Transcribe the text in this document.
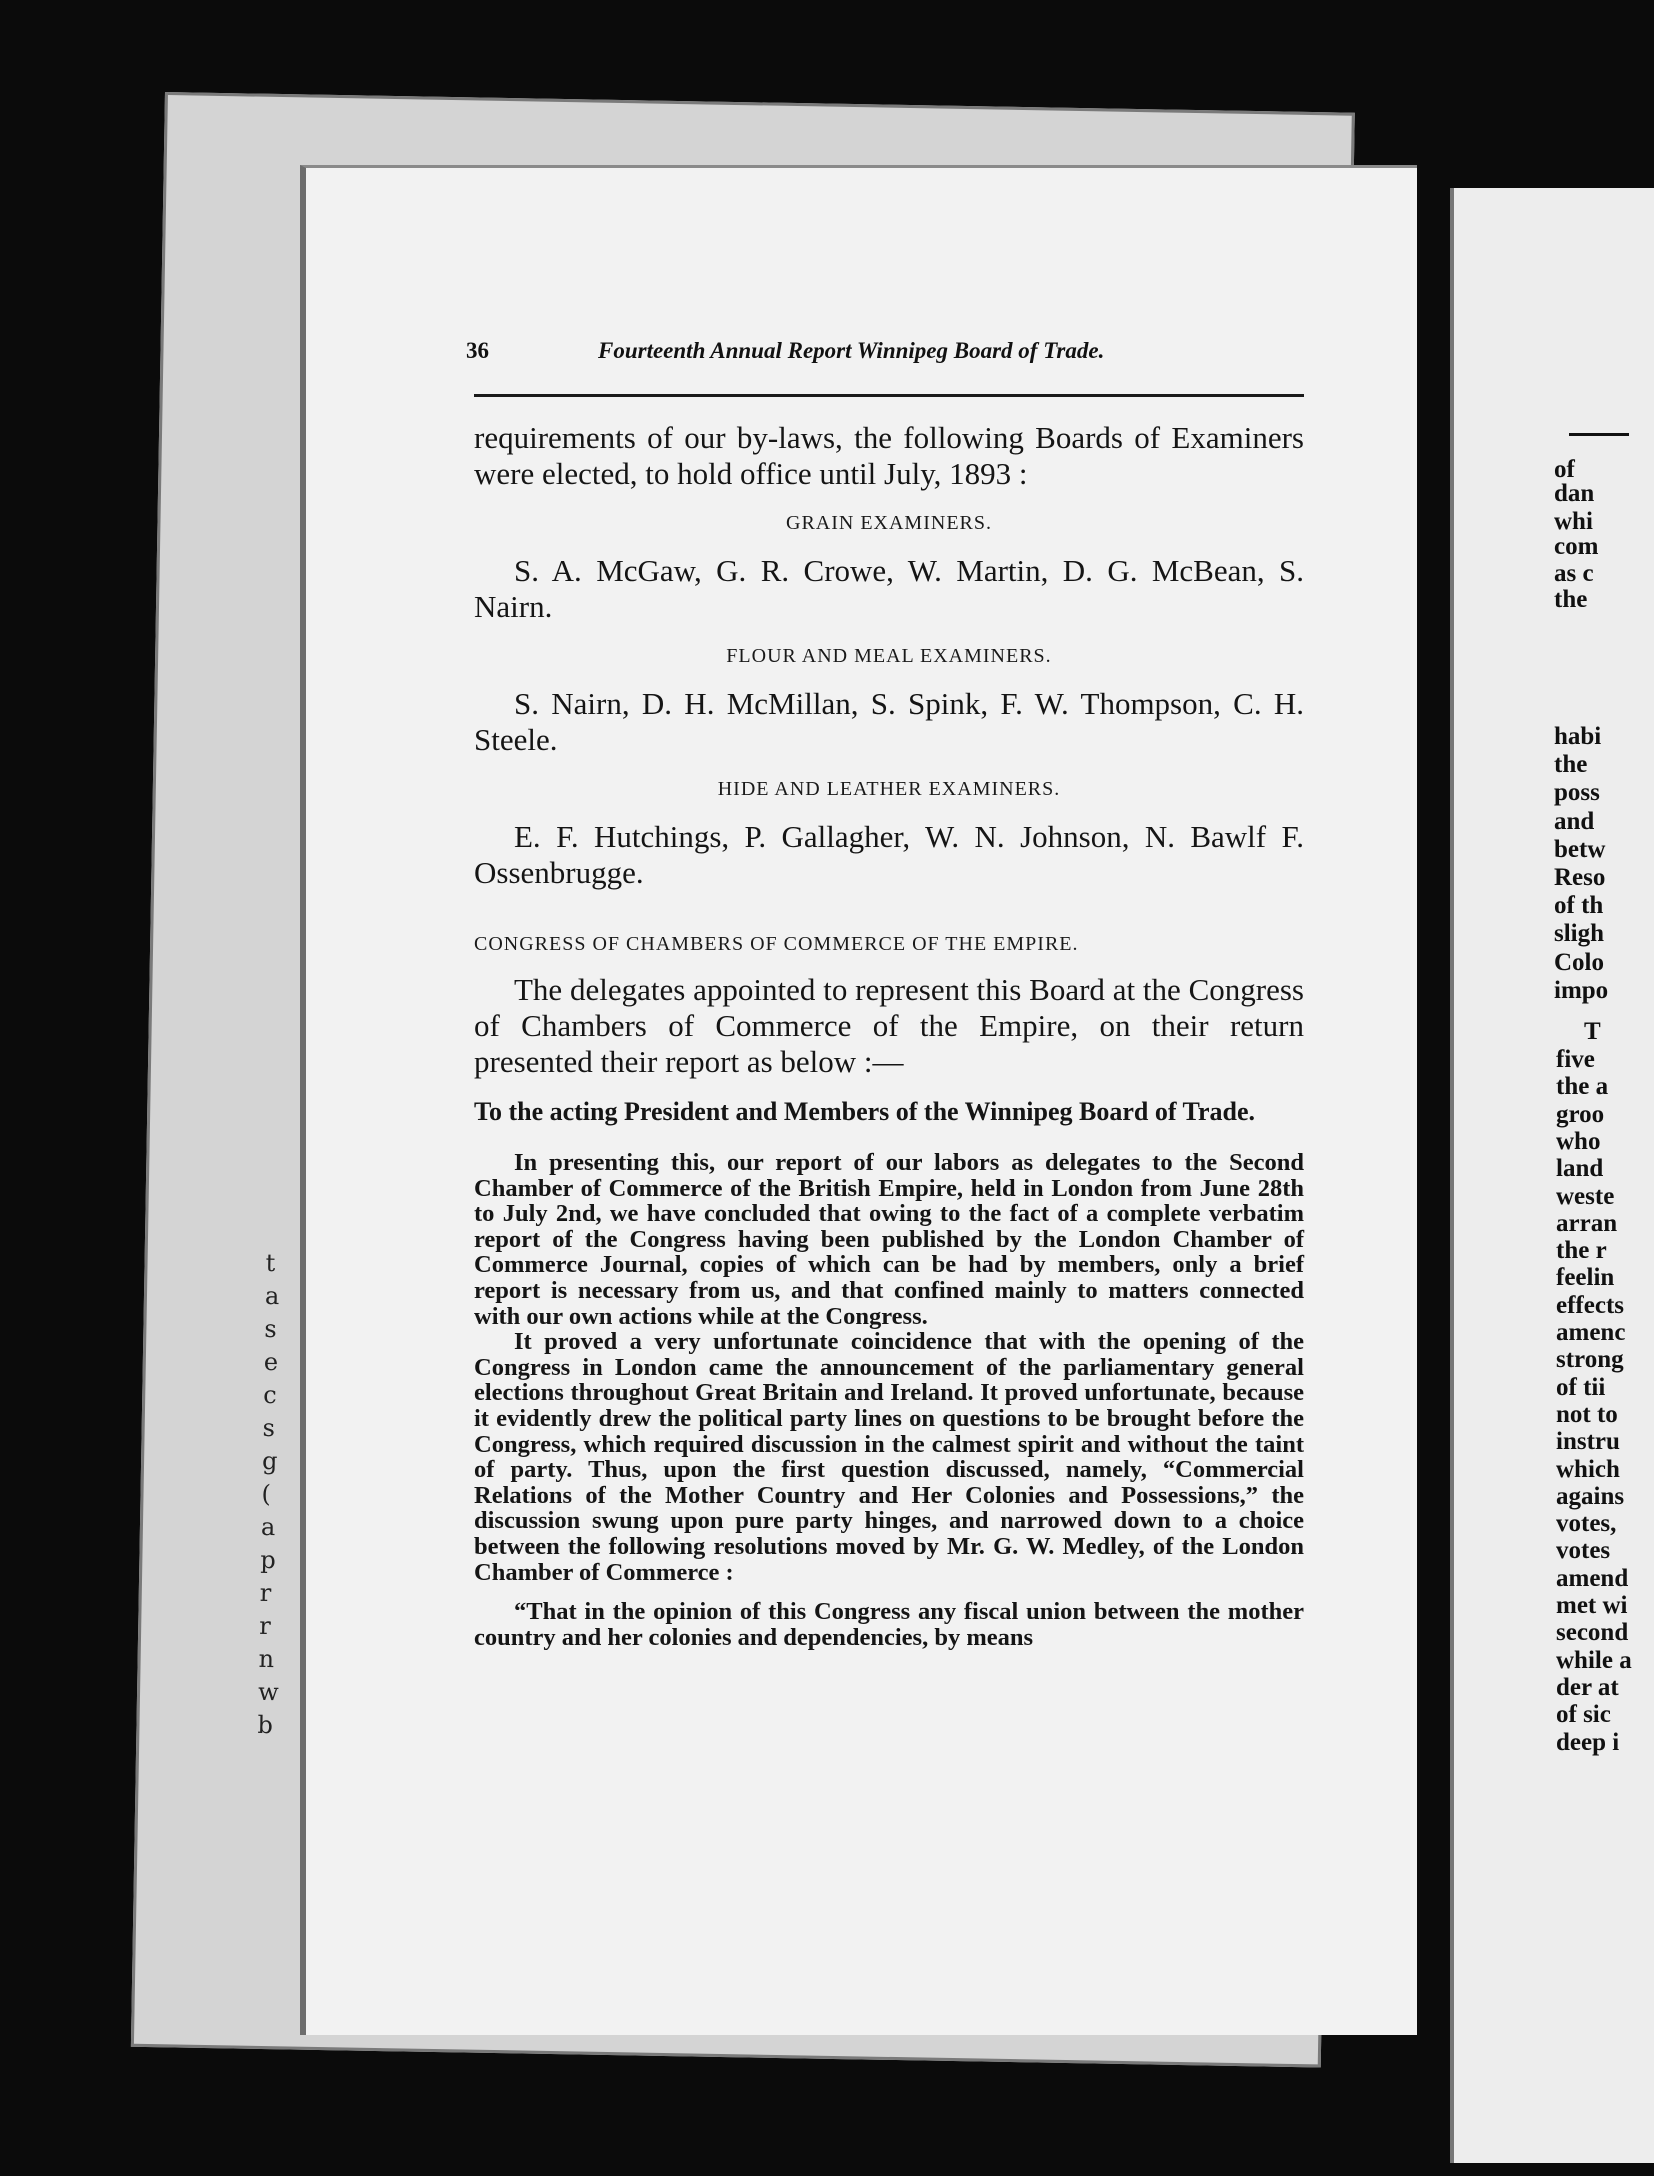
t
a
s
e
c
s
g
(
a
p
r
r
n
w
b
of
dan
whi
com
as c
the
habi
the
poss
and
betw
Reso
of th
sligh
Colo
impo
T
five
the a
groo
who
land
weste
arran
the r
feelin
effects
amenc
strong
of tii
not to
instru
which
agains
votes,
votes
amend
met wi
second
while a
der at
of sic
deep i
36	Fourteenth Annual Report Winnipeg Board of Trade.

requirements of our by-laws, the following Boards of Examiners were elected, to hold office until July, 1893 :

GRAIN EXAMINERS.

S. A. McGaw, G. R. Crowe, W. Martin, D. G. McBean, S. Nairn.

FLOUR AND MEAL EXAMINERS.

S. Nairn, D. H. McMillan, S. Spink, F. W. Thompson, C. H. Steele.

HIDE AND LEATHER EXAMINERS.

E. F. Hutchings, P. Gallagher, W. N. Johnson, N. Bawlf F. Ossenbrugge.

CONGRESS OF CHAMBERS OF COMMERCE OF THE EMPIRE.

The delegates appointed to represent this Board at the Congress of Chambers of Commerce of the Empire, on their return presented their report as below :—

To the acting President and Members of the Winnipeg Board of Trade.

In presenting this, our report of our labors as delegates to the Second Chamber of Commerce of the British Empire, held in London from June 28th to July 2nd, we have concluded that owing to the fact of a complete verbatim report of the Congress having been published by the London Chamber of Commerce Journal, copies of which can be had by members, only a brief report is necessary from us, and that confined mainly to matters connected with our own actions while at the Congress.

It proved a very unfortunate coincidence that with the opening of the Congress in London came the announcement of the parliamentary general elections throughout Great Britain and Ireland. It proved unfortunate, because it evidently drew the political party lines on questions to be brought before the Congress, which required discussion in the calmest spirit and without the taint of party. Thus, upon the first question discussed, namely, “Commercial Relations of the Mother Country and Her Colonies and Possessions,” the discussion swung upon pure party hinges, and narrowed down to a choice between the following resolutions moved by Mr. G. W. Medley, of the London Chamber of Commerce :

“That in the opinion of this Congress any fiscal union between the mother country and her colonies and dependencies, by means
